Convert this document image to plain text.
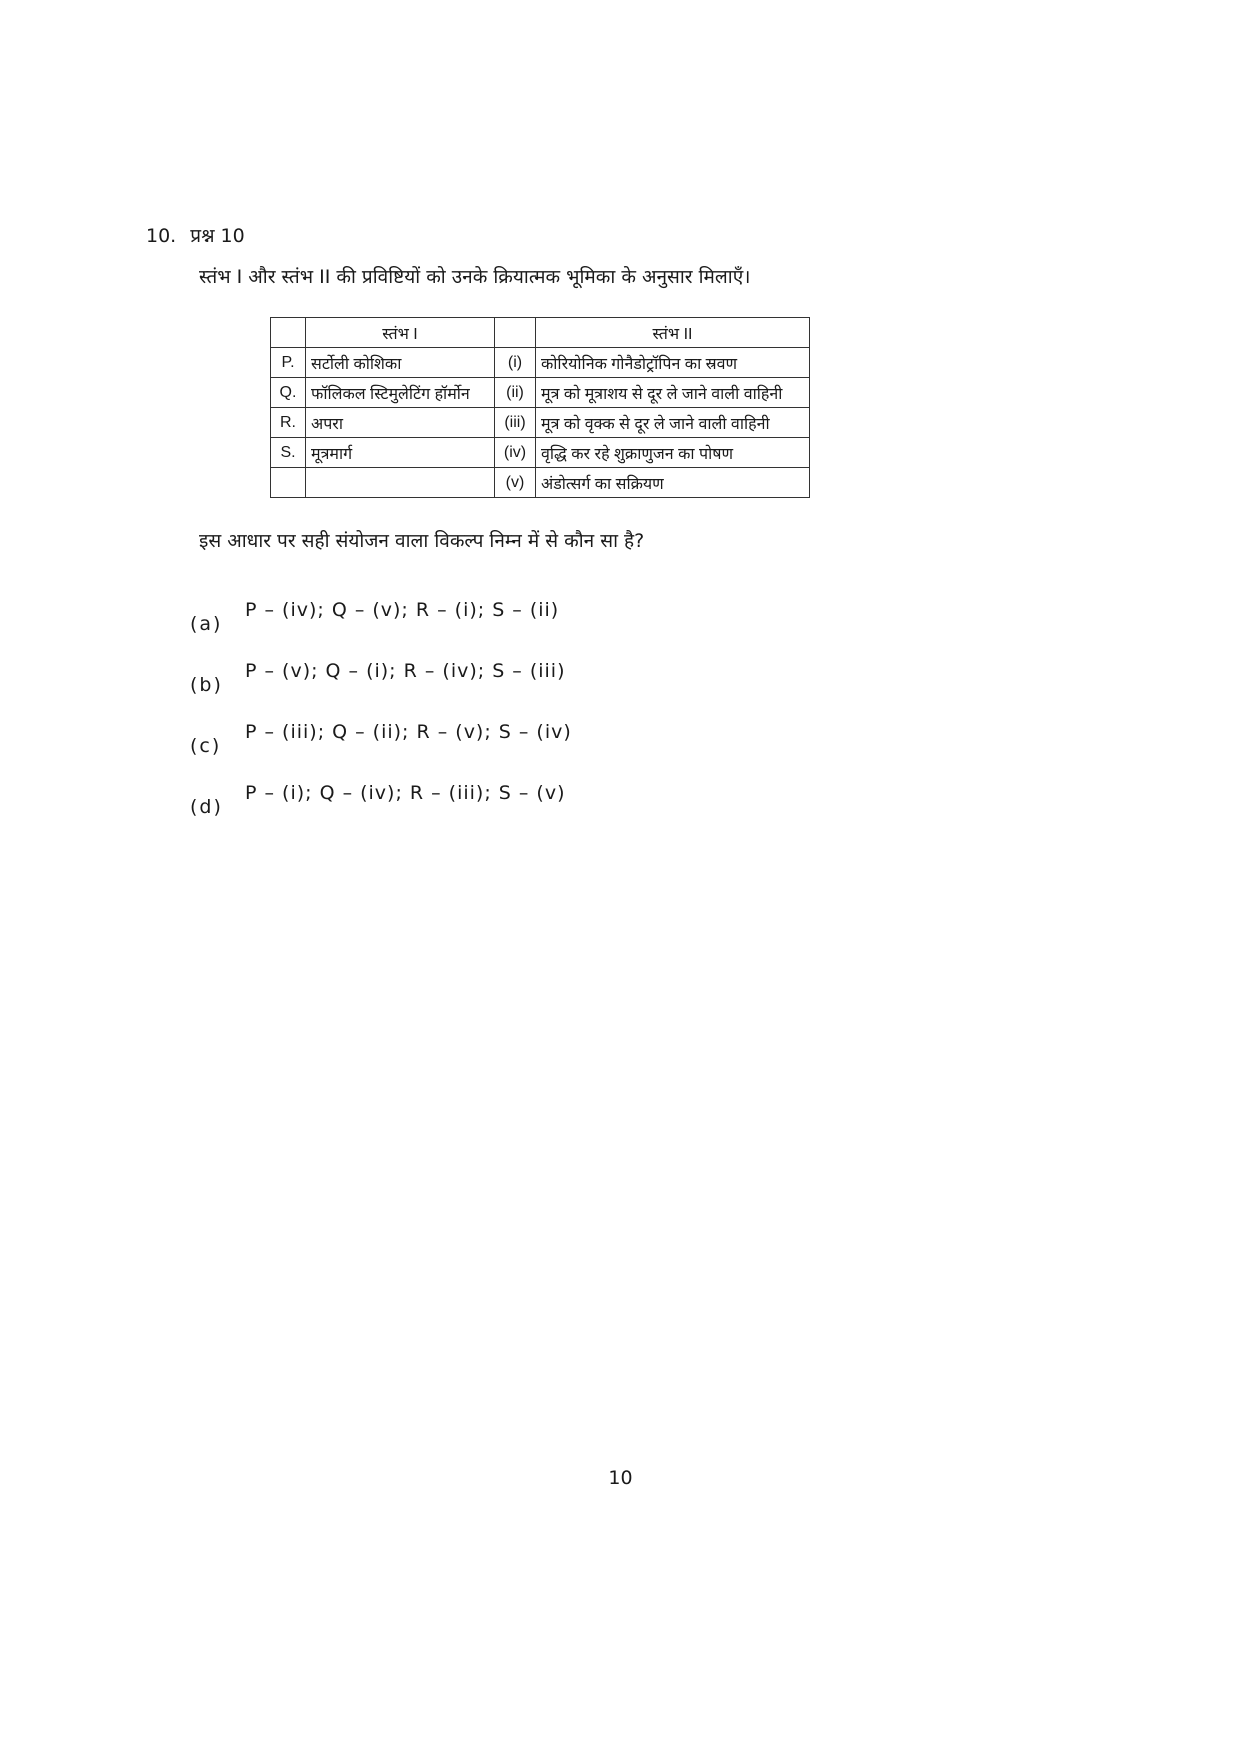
10. प्रश्न 10
स्तंभ I और स्तंभ II की प्रविष्टियों को उनके क्रियात्मक भूमिका के अनुसार मिलाएँ।
	स्तंभ I		स्तंभ II
P.	सर्टोली कोशिका	(i)	कोरियोनिक गोनैडोट्रॉपिन का स्रवण
Q.	फॉलिकल स्टिमुलेटिंग हॉर्मोन	(ii)	मूत्र को मूत्राशय से दूर ले जाने वाली वाहिनी
R.	अपरा	(iii)	मूत्र को वृक्क से दूर ले जाने वाली वाहिनी
S.	मूत्रमार्ग	(iv)	वृद्धि कर रहे शुक्राणुजन का पोषण
		(v)	अंडोत्सर्ग का सक्रियण
इस आधार पर सही संयोजन वाला विकल्प निम्न में से कौन सा है?
(a)
P – (iv); Q – (v); R – (i); S – (ii)
(b)
P – (v); Q – (i); R – (iv); S – (iii)
(c)
P – (iii); Q – (ii); R – (v); S – (iv)
(d)
P – (i); Q – (iv); R – (iii); S – (v)
10
